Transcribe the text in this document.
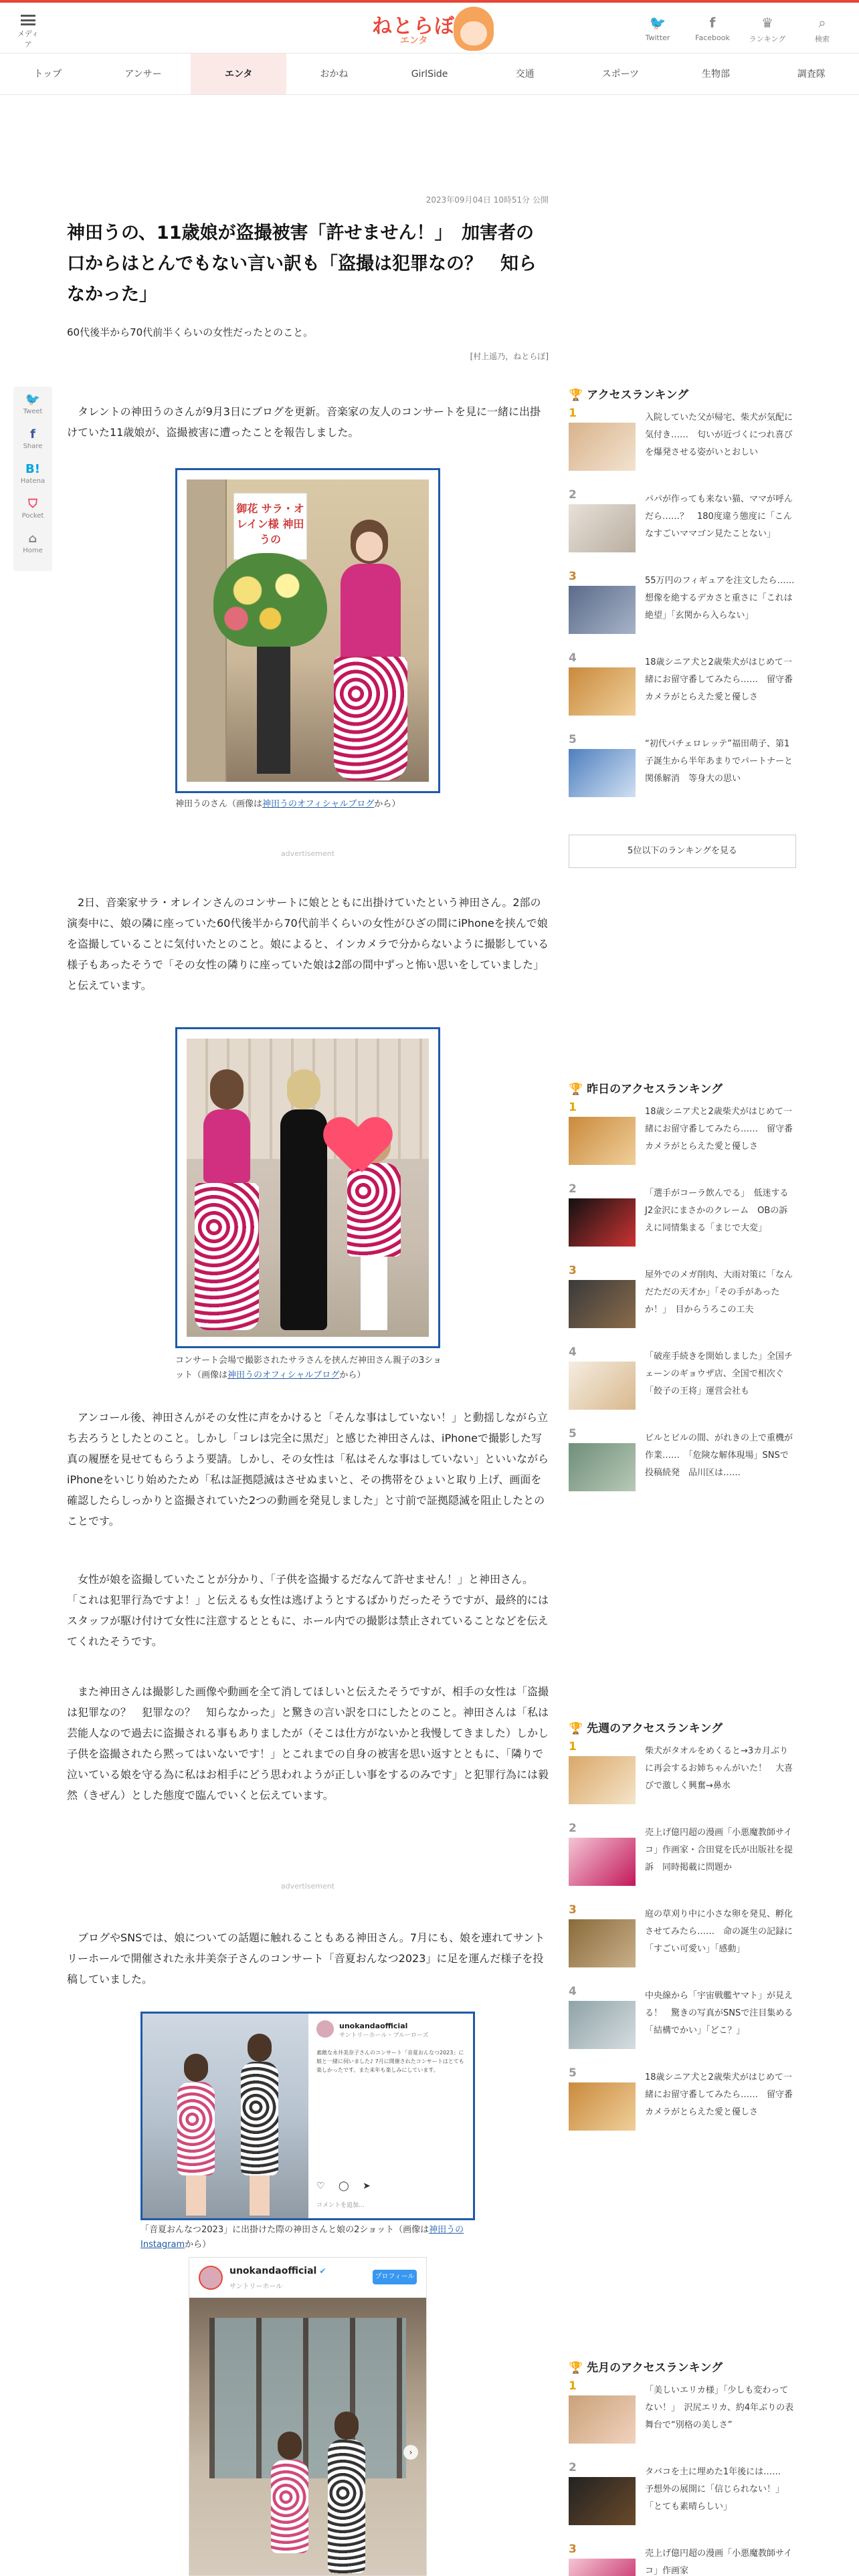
メディア
ねとらぼ
エンタ
🐦
Twitter
f
Facebook
♛
ランキング
⌕
検索
トップ	アンサー	エンタ	おかね	GirlSide	交通	スポーツ	生物部	調査隊
2023年09月04日 10時51分 公開
神田うの、11歳娘が盗撮被害「許せません！」　加害者の口からはとんでもない言い訳も「盗撮は犯罪なの？　知らなかった」
60代後半から70代前半くらいの女性だったとのこと。
[村上遥乃，ねとらぼ]
🐦
Tweet
f
Share
B!
Hatena
⛉
Pocket
⌂
Home

タレントの神田うのさんが9月3日にブログを更新。音楽家の友人のコンサートを見に一緒に出掛けていた11歳娘が、盗撮被害に遭ったことを報告しました。

御花 サラ・オレイン様 神田うの
神田うのさん（画像は神田うのオフィシャルブログから）
advertisement

2日、音楽家サラ・オレインさんのコンサートに娘とともに出掛けていたという神田さん。2部の演奏中に、娘の隣に座っていた60代後半から70代前半くらいの女性がひざの間にiPhoneを挟んで娘を盗撮していることに気付いたとのこと。娘によると、インカメラで分からないように撮影している様子もあったそうで「その女性の隣りに座っていた娘は2部の間中ずっと怖い思いをしていました」と伝えています。

コンサート会場で撮影されたサラさんを挟んだ神田さん親子の3ショット（画像は神田うのオフィシャルブログから）

アンコール後、神田さんがその女性に声をかけると「そんな事はしていない！」と動揺しながら立ち去ろうとしたとのこと。しかし「コレは完全に黒だ」と感じた神田さんは、iPhoneで撮影した写真の履歴を見せてもらうよう要請。しかし、その女性は「私はそんな事はしていない」といいながらiPhoneをいじり始めたため「私は証拠隠滅はさせぬまいと、その携帯をひょいと取り上げ、画面を確認したらしっかりと盗撮されていた2つの動画を発見しました」と寸前で証拠隠滅を阻止したとのことです。

女性が娘を盗撮していたことが分かり、「子供を盗撮するだなんて許せません！」と神田さん。「これは犯罪行為ですよ！」と伝えるも女性は逃げようとするばかりだったそうですが、最終的にはスタッフが駆け付けて女性に注意するとともに、ホール内での撮影は禁止されていることなどを伝えてくれたそうです。

また神田さんは撮影した画像や動画を全て消してほしいと伝えたそうですが、相手の女性は「盗撮は犯罪なの？　犯罪なの？　知らなかった」と驚きの言い訳を口にしたとのこと。神田さんは「私は芸能人なので過去に盗撮される事もありましたが（そこは仕方がないかと我慢してきました）しかし子供を盗撮されたら黙ってはいないです！」とこれまでの自身の被害を思い返すとともに、「隣りで泣いている娘を守る為に私はお相手にどう思われようが正しい事をするのみです」と犯罪行為には毅然（きぜん）とした態度で臨んでいくと伝えています。

advertisement

ブログやSNSでは、娘についての話題に触れることもある神田さん。7月にも、娘を連れてサントリーホールで開催された永井美奈子さんのコンサート「音夏おんなつ2023」に足を運んだ様子を投稿していました。

unokandaofficial
サントリーホール・ブルーローズ
素敵な永井美奈子さんのコンサート「音夏おんなつ2023」に娘と一緒に伺いました♪ 7月に開催されたコンサートはとても楽しかったです。また来年も楽しみにしています。
♡ ◯ ➤
コメントを追加...
「音夏おんなつ2023」に出掛けた際の神田さんと娘の2ショット（画像は神田うのInstagramから）
unokandaofficial ✔
サントリーホール
プロフィールを見る
›
🏆 アクセスランキング
1	入院していた父が帰宅、柴犬が気配に気付き……　匂いが近づくにつれ喜びを爆発させる姿がいとおしい
2	パパが作っても来ない猫、ママが呼んだら……？　180度違う態度に「こんなすごいママゴン見たことない」
3	55万円のフィギュアを注文したら……　想像を絶するデカさと重さに「これは絶望」「玄関から入らない」
4	18歳シニア犬と2歳柴犬がはじめて一緒にお留守番してみたら……　留守番カメラがとらえた愛と優しさ
5	“初代パチェロレッテ”福田萌子、第1子誕生から半年あまりでパートナーと関係解消　等身大の思い
5位以下のランキングを見る
🏆 昨日のアクセスランキング
1	18歳シニア犬と2歳柴犬がはじめて一緒にお留守番してみたら……　留守番カメラがとらえた愛と優しさ
2	「選手がコーラ飲んでる」　低迷するJ2金沢にまさかのクレーム　OBの訴えに同情集まる「まじで大変」
3	屋外でのメガ削肉、大雨対策に「なんだただの天才か」「その手があったか！」　目からうろこの工夫
4	「破産手続きを開始しました」全国チェーンのギョウザ店、全国で相次ぐ　「餃子の王将」運営会社も
5	ビルとビルの間、がれきの上で重機が作業……　「危険な解体現場」SNSで投稿続発　品川区は……
🏆 先週のアクセスランキング
1	柴犬がタオルをめくると→3カ月ぶりに再会するお姉ちゃんがいた！　大喜びで激しく興奮→鼻水
2	売上げ億円超の漫画「小悪魔教師サイコ」作画家・合田覚を氏が出版社を提訴　同時掲載に問題か
3	庭の草刈り中に小さな卵を発見、孵化させてみたら……　命の誕生の記録に「すごい可愛い」「感動」
4	中央線から「宇宙戦艦ヤマト」が見える！　驚きの写真がSNSで注目集める　「結構でかい」「どこ？」
5	18歳シニア犬と2歳柴犬がはじめて一緒にお留守番してみたら……　留守番カメラがとらえた愛と優しさ
🏆 先月のアクセスランキング
1	「美しいエリカ様」「少しも変わってない！」　沢尻エリカ、約4年ぶりの表舞台で“別格の美しさ”
2	タバコを土に埋めた1年後には……　予想外の展開に「信じられない！」「とても素晴らしい」
3	売上げ億円超の漫画「小悪魔教師サイコ」作画家
